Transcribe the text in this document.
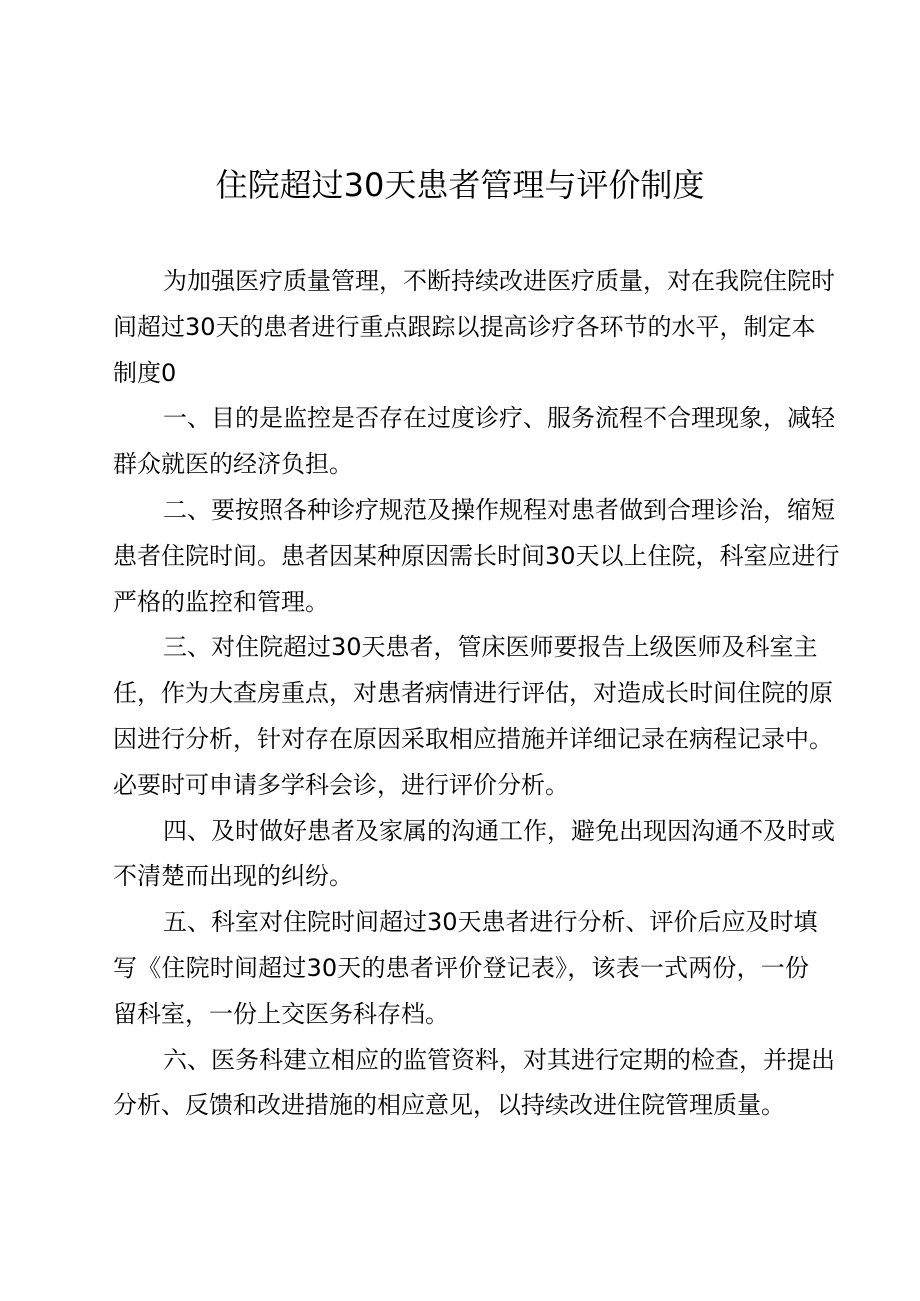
住院超过30天患者管理与评价制度
为加强医疗质量管理，不断持续改进医疗质量，对在我院住院时
间超过30天的患者进行重点跟踪以提高诊疗各环节的水平，制定本
制度0
一、目的是监控是否存在过度诊疗、服务流程不合理现象，减轻
群众就医的经济负担。
二、要按照各种诊疗规范及操作规程对患者做到合理诊治，缩短
患者住院时间。患者因某种原因需长时间30天以上住院，科室应进行
严格的监控和管理。
三、对住院超过30天患者，管床医师要报告上级医师及科室主
任，作为大查房重点，对患者病情进行评估，对造成长时间住院的原
因进行分析，针对存在原因采取相应措施并详细记录在病程记录中。
必要时可申请多学科会诊，进行评价分析。
四、及时做好患者及家属的沟通工作，避免出现因沟通不及时或
不清楚而出现的纠纷。
五、科室对住院时间超过30天患者进行分析、评价后应及时填
写《住院时间超过30天的患者评价登记表》，该表一式两份，一份
留科室，一份上交医务科存档。
六、医务科建立相应的监管资料，对其进行定期的检查，并提出
分析、反馈和改进措施的相应意见，以持续改进住院管理质量。
